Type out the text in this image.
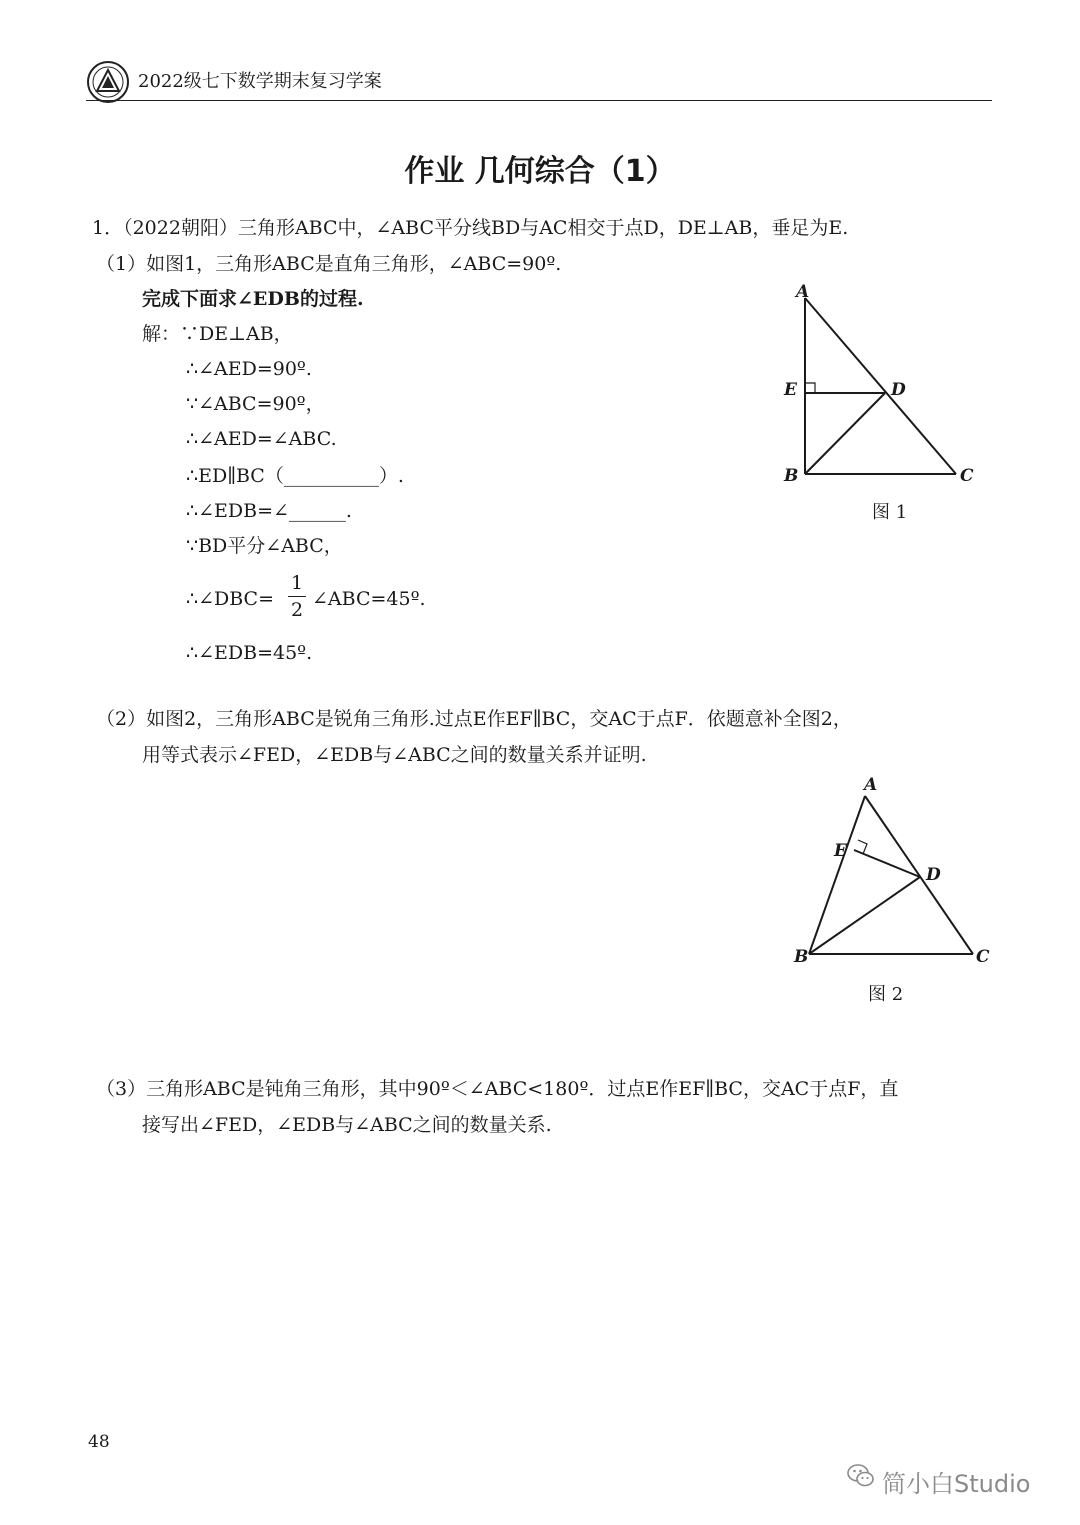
2022级七下数学期末复习学案
作业 几何综合（1）
1．（2022朝阳）三角形ABC中，∠ABC平分线BD与AC相交于点D，DE⊥AB，垂足为E.
（1）如图1，三角形ABC是直角三角形，∠ABC=90º.
完成下面求∠EDB的过程.
解：∵DE⊥AB，
∴∠AED=90º.
∵∠ABC=90º，
∴∠AED=∠ABC.
∴ED∥BC（__________）.
∴∠EDB=∠______.
∵BD平分∠ABC，
∴∠DBC=
1
2 ∠ABC=45º.
∴∠EDB=45º.
A
E	D
B	C
图 1
（2）如图2，三角形ABC是锐角三角形.过点E作EF∥BC，交AC于点F．依题意补全图2，
用等式表示∠FED，∠EDB与∠ABC之间的数量关系并证明.
A
E
D
B	C
图 2
（3）三角形ABC是钝角三角形，其中90º＜∠ABC<180º．过点E作EF∥BC，交AC于点F，直
接写出∠FED，∠EDB与∠ABC之间的数量关系.
48
简小白Studio
